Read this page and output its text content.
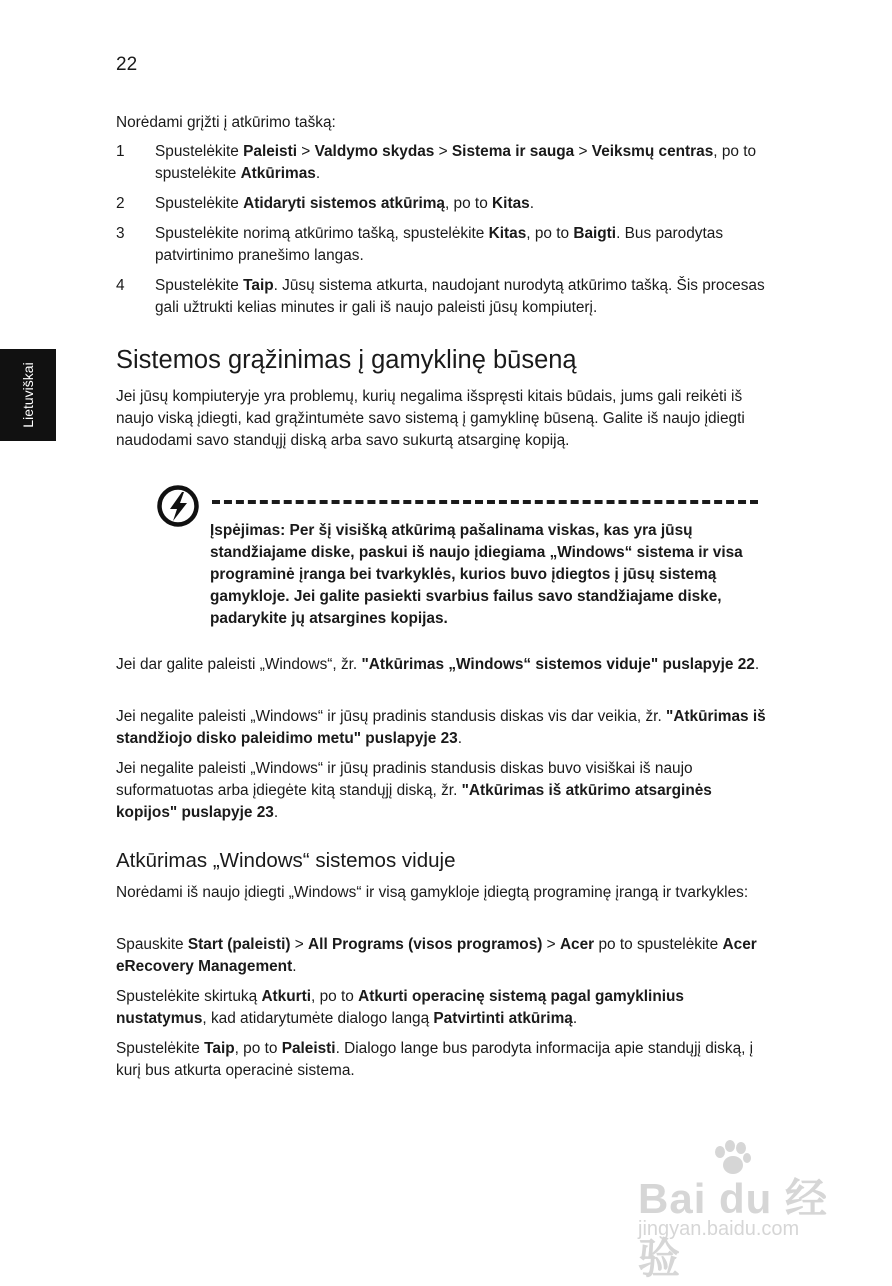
22
Lietuviškai

Norėdami grįžti į atkūrimo tašką:

1 Spustelėkite Paleisti > Valdymo skydas > Sistema ir sauga > Veiksmų centras, po to spustelėkite Atkūrimas.
2 Spustelėkite Atidaryti sistemos atkūrimą, po to Kitas.
3 Spustelėkite norimą atkūrimo tašką, spustelėkite Kitas, po to Baigti. Bus parodytas patvirtinimo pranešimo langas.
4 Spustelėkite Taip. Jūsų sistema atkurta, naudojant nurodytą atkūrimo tašką. Šis procesas gali užtrukti kelias minutes ir gali iš naujo paleisti jūsų kompiuterį.
Sistemos grąžinimas į gamyklinę būseną

Jei jūsų kompiuteryje yra problemų, kurių negalima išspręsti kitais būdais, jums gali reikėti iš naujo viską įdiegti, kad grąžintumėte savo sistemą į gamyklinę būseną. Galite iš naujo įdiegti naudodami savo standųjį diską arba savo sukurtą atsarginę kopiją.

Įspėjimas: Per šį visišką atkūrimą pašalinama viskas, kas yra jūsų standžiajame diske, paskui iš naujo įdiegiama „Windows“ sistema ir visa programinė įranga bei tvarkyklės, kurios buvo įdiegtos į jūsų sistemą gamykloje. Jei galite pasiekti svarbius failus savo standžiajame diske, padarykite jų atsargines kopijas.

Jei dar galite paleisti „Windows“, žr. "Atkūrimas „Windows“ sistemos viduje" puslapyje 22.

Jei negalite paleisti „Windows“ ir jūsų pradinis standusis diskas vis dar veikia, žr. "Atkūrimas iš standžiojo disko paleidimo metu" puslapyje 23.

Jei negalite paleisti „Windows“ ir jūsų pradinis standusis diskas buvo visiškai iš naujo suformatuotas arba įdiegėte kitą standųjį diską, žr. "Atkūrimas iš atkūrimo atsarginės kopijos" puslapyje 23.

Atkūrimas „Windows“ sistemos viduje

Norėdami iš naujo įdiegti „Windows“ ir visą gamykloje įdiegtą programinę įrangą ir tvarkykles:

Spauskite Start (paleisti) > All Programs (visos programos) > Acer po to spustelėkite Acer eRecovery Management.

Spustelėkite skirtuką Atkurti, po to Atkurti operacinę sistemą pagal gamyklinius nustatymus, kad atidarytumėte dialogo langą Patvirtinti atkūrimą.

Spustelėkite Taip, po to Paleisti. Dialogo lange bus parodyta informacija apie standųjį diską, į kurį bus atkurta operacinė sistema.

Bai du 经验
jingyan.baidu.com
